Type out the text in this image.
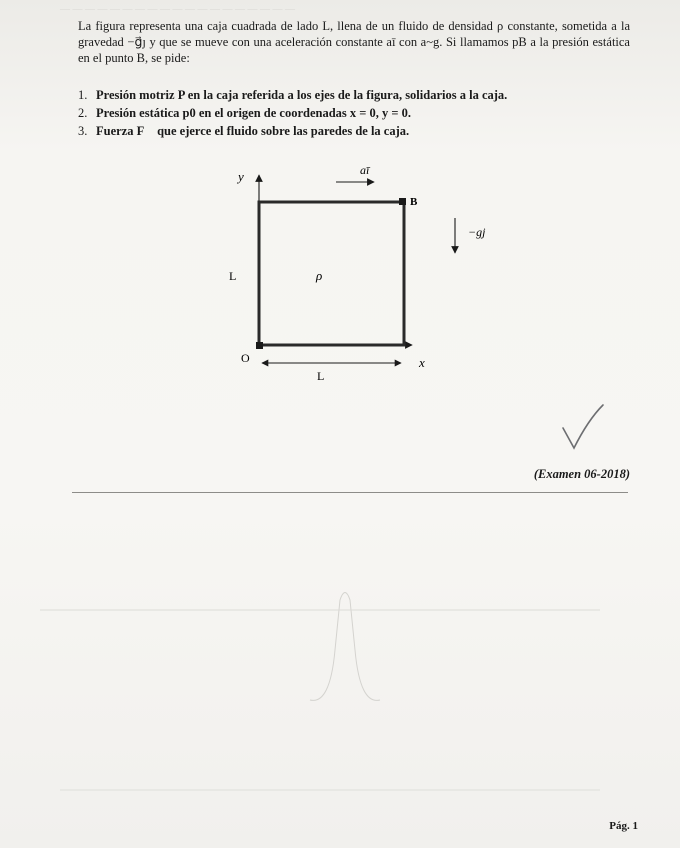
— — — — — — — — — — — — — — — — — — —

La figura representa una caja cuadrada de lado L, llena de un fluido de densidad ρ constante, sometida a la gravedad −g⃗ȷ y que se mueve con una aceleración constante aī con a~g. Si llamamos pB a la presión estática en el punto B, se pide:

1. Presión motriz P en la caja referida a los ejes de la figura, solidarios a la caja.
2. Presión estática p0 en el origen de coordenadas x = 0, y = 0.
3. Fuerza F⃗ que ejerce el fluido sobre las paredes de la caja.
y
x
O
B
L
L
ρ
aī
−gj⃗
(Examen 06-2018)
Pág. 1
